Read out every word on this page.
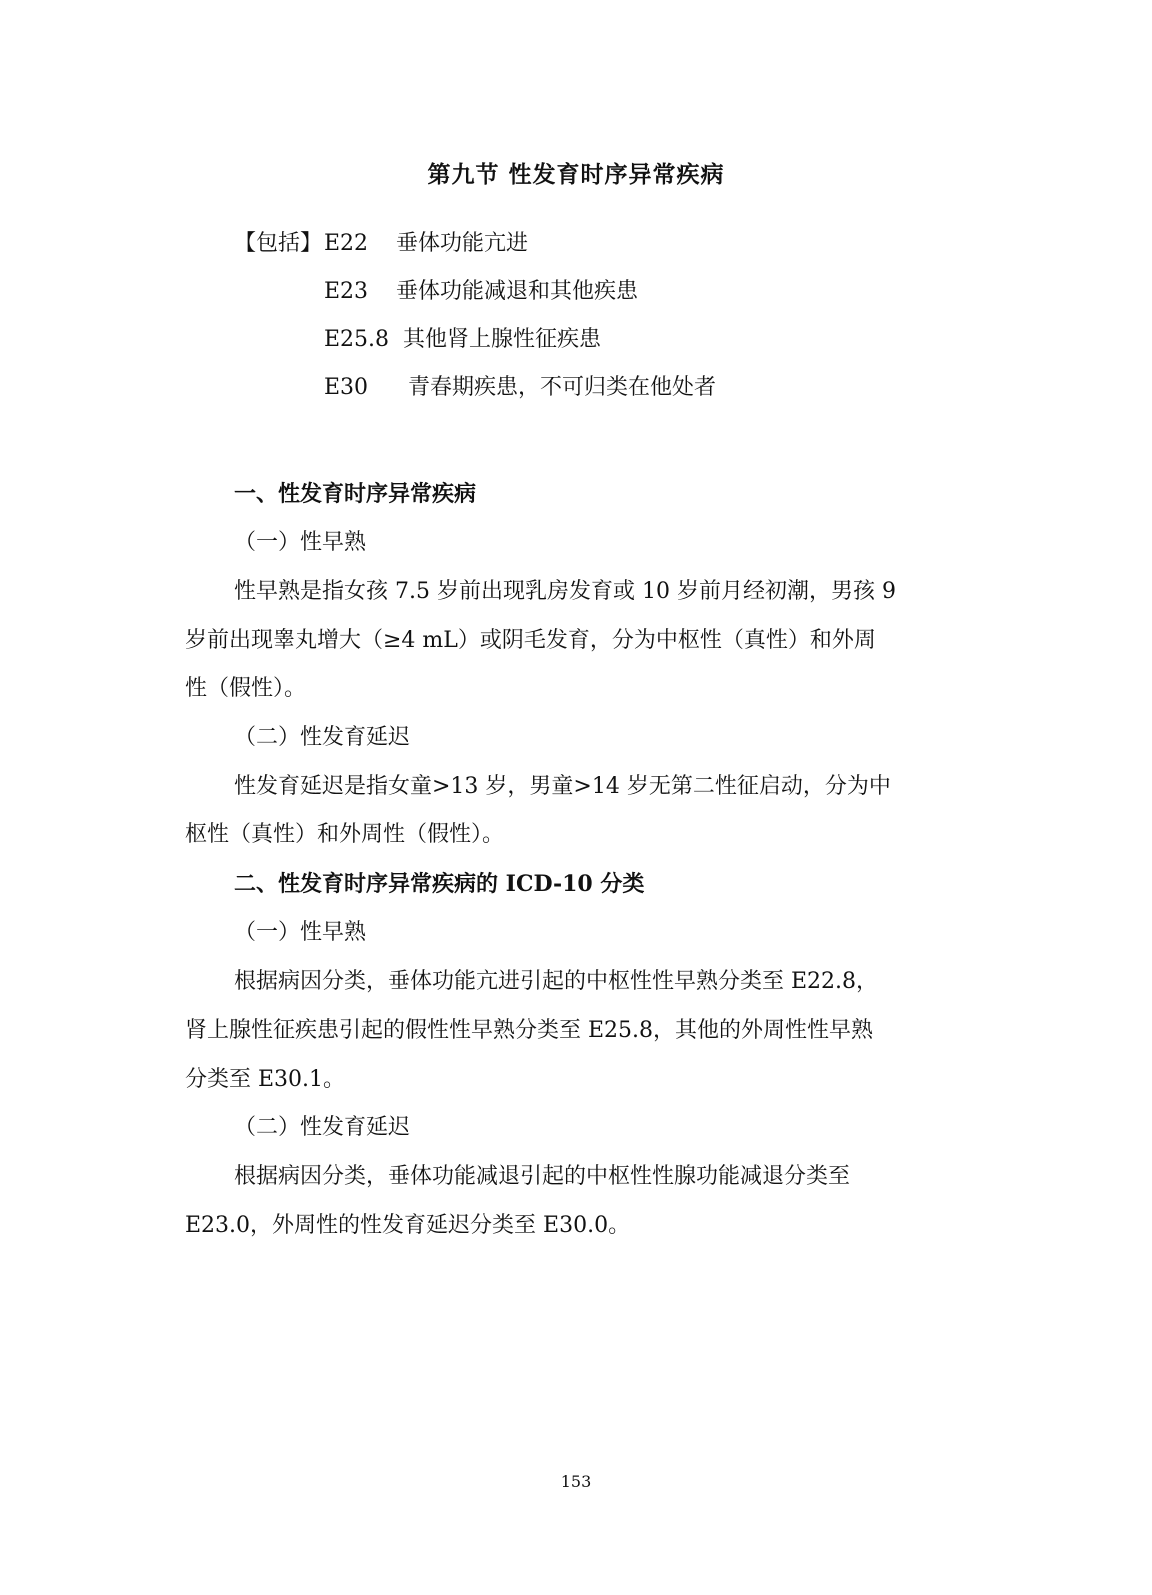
第九节 性发育时序异常疾病
【包括】 E22 垂体功能亢进
E23 垂体功能减退和其他疾患
E25.8 其他肾上腺性征疾患
E30 青春期疾患，不可归类在他处者
一、性发育时序异常疾病
（一）性早熟
性早熟是指女孩 7.5 岁前出现乳房发育或 10 岁前月经初潮，男孩 9
岁前出现睾丸增大（≥4 mL）或阴毛发育，分为中枢性（真性）和外周
性（假性）。
（二）性发育延迟
性发育延迟是指女童>13 岁，男童>14 岁无第二性征启动，分为中
枢性（真性）和外周性（假性）。
二、性发育时序异常疾病的 ICD-10 分类
（一）性早熟
根据病因分类，垂体功能亢进引起的中枢性性早熟分类至 E22.8，
肾上腺性征疾患引起的假性性早熟分类至 E25.8，其他的外周性性早熟
分类至 E30.1。
（二）性发育延迟
根据病因分类，垂体功能减退引起的中枢性性腺功能减退分类至
E23.0，外周性的性发育延迟分类至 E30.0。
153
